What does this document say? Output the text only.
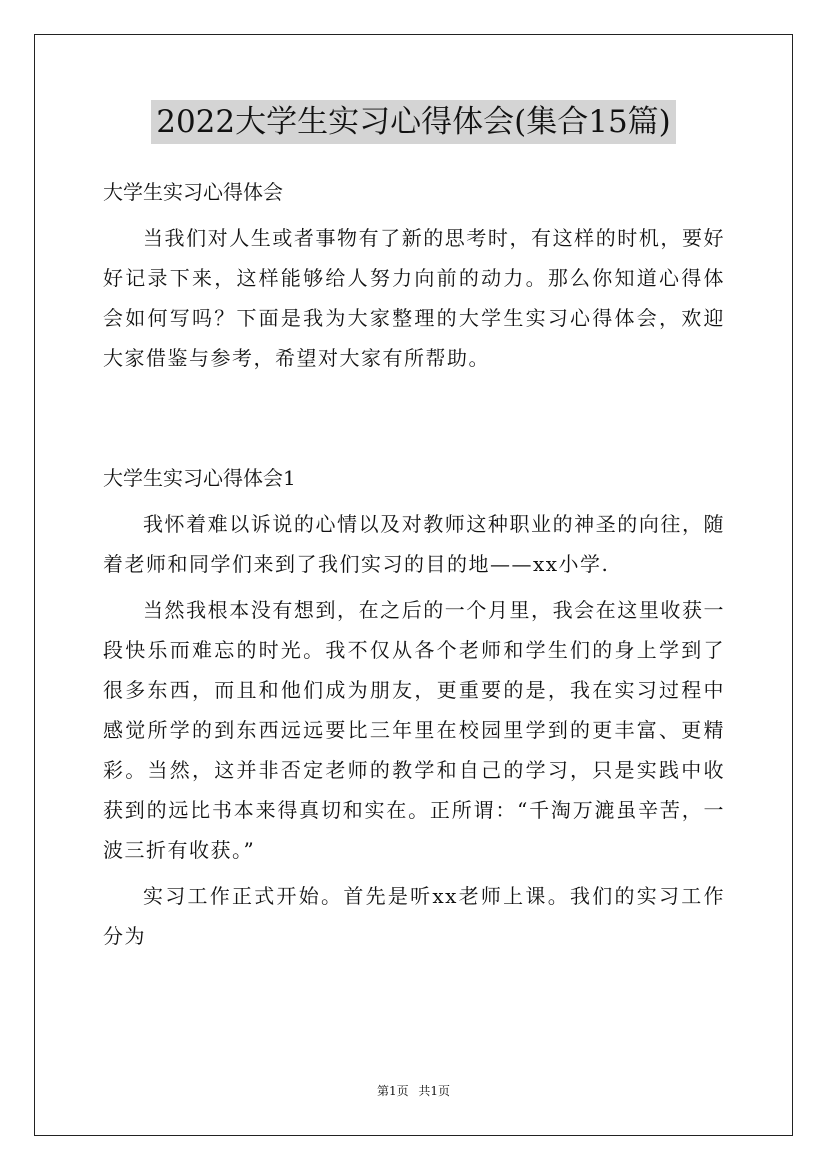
2022大学生实习心得体会(集合15篇)
大学生实习心得体会

当我们对人生或者事物有了新的思考时，有这样的时机，要好好记录下来，这样能够给人努力向前的动力。那么你知道心得体会如何写吗？下面是我为大家整理的大学生实习心得体会，欢迎大家借鉴与参考，希望对大家有所帮助。

大学生实习心得体会1

我怀着难以诉说的心情以及对教师这种职业的神圣的向往，随着老师和同学们来到了我们实习的目的地——xx小学.

当然我根本没有想到，在之后的一个月里，我会在这里收获一段快乐而难忘的时光。我不仅从各个老师和学生们的身上学到了很多东西，而且和他们成为朋友，更重要的是，我在实习过程中感觉所学的到东西远远要比三年里在校园里学到的更丰富、更精彩。当然，这并非否定老师的教学和自己的学习，只是实践中收获到的远比书本来得真切和实在。正所谓：“千淘万漉虽辛苦，一波三折有收获。”

实习工作正式开始。首先是听xx老师上课。我们的实习工作分为

第1页 共1页
